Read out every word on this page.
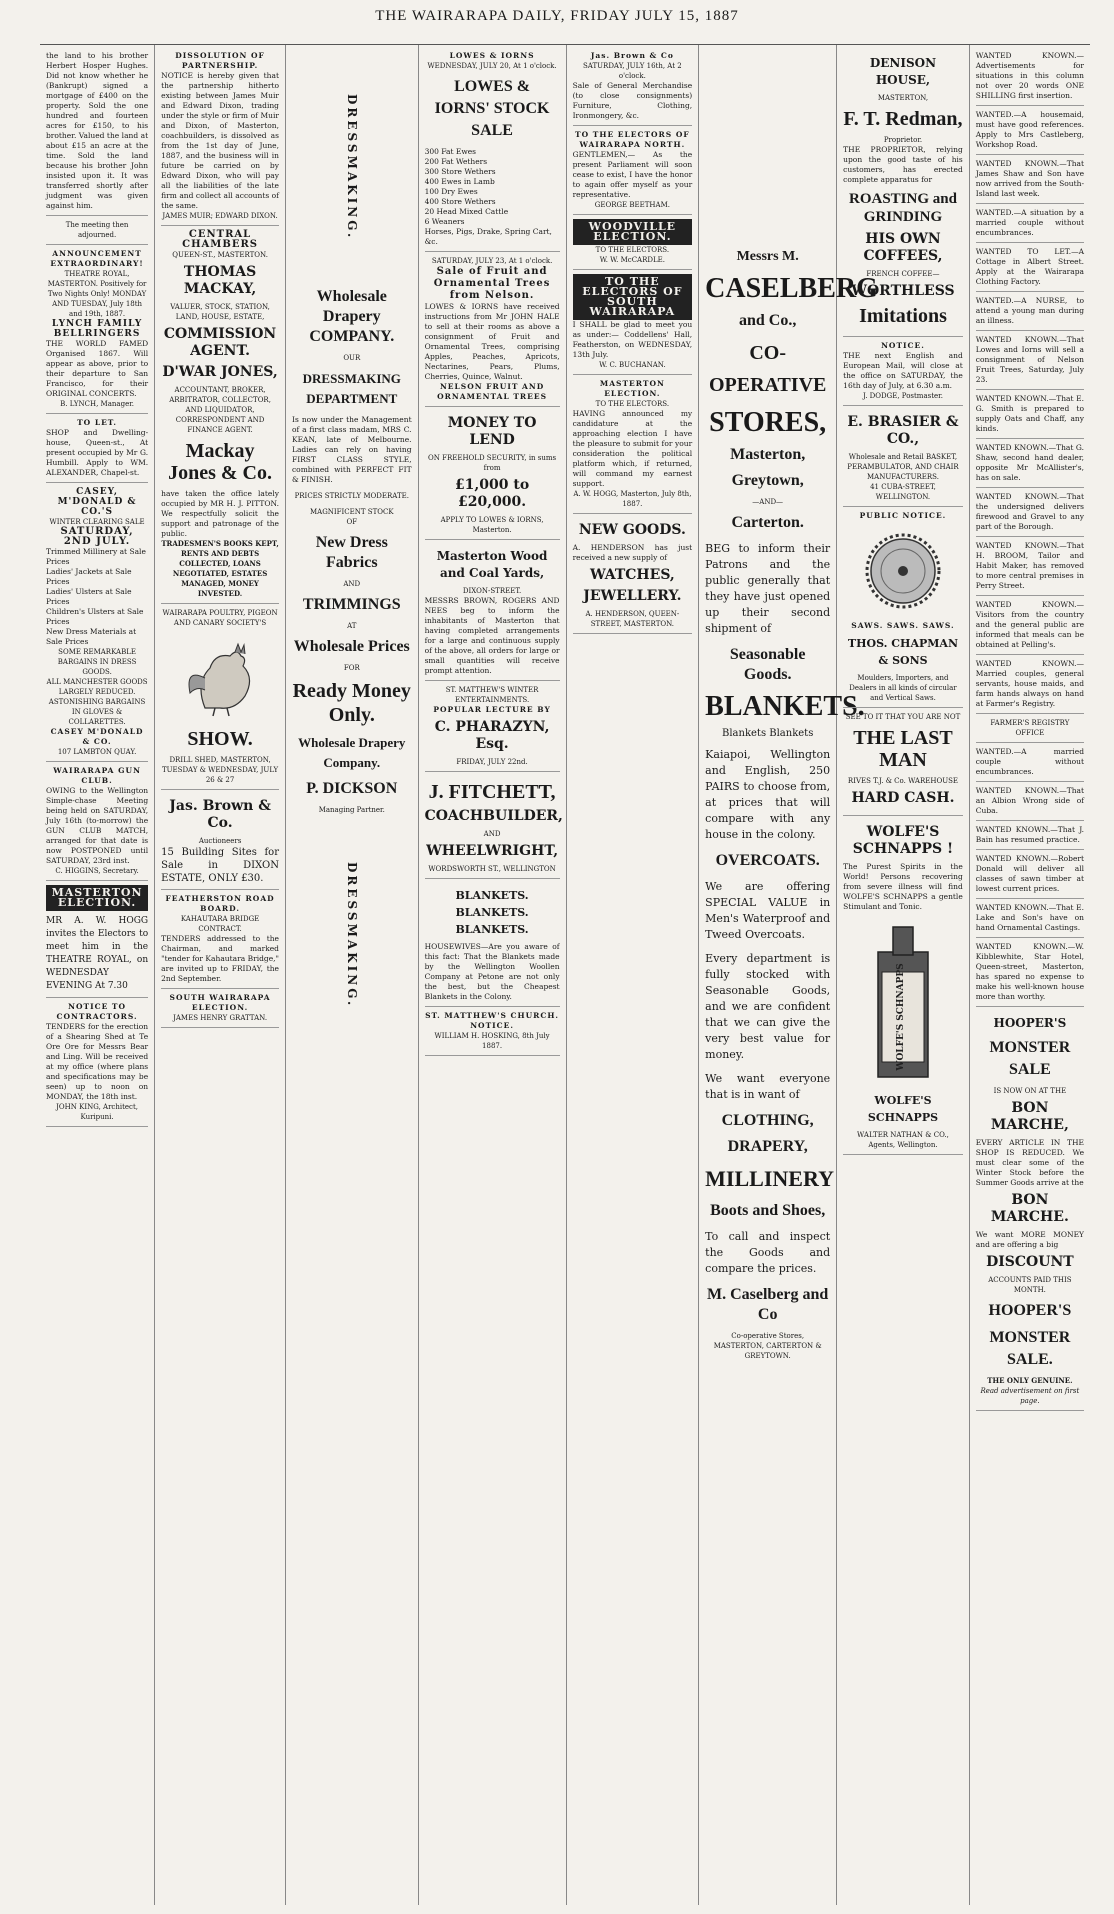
THE WAIRARAPA DAILY, FRIDAY JULY 15, 1887
the land to his brother Herbert Hosper Hughes. Did not know whether he (Bankrupt) signed a mortgage of £400 on the property. Sold the one hundred and fourteen acres for £150, to his brother. Valued the land at about £15 an acre at the time. Sold the land because his brother John insisted upon it. It was transferred shortly after judgment was given against him.
The meeting then adjourned.
ANNOUNCEMENT EXTRAORDINARY!
THEATRE ROYAL, MASTERTON. Positively for Two Nights Only! MONDAY AND TUESDAY, July 18th and 19th, 1887.
LYNCH FAMILY BELLRINGERS
THE WORLD FAMED Organised 1867. Will appear as above, prior to their departure to San Francisco, for their ORIGINAL CONCERTS.
B. LYNCH, Manager.
TO LET.
SHOP and Dwelling-house, Queen-st., At present occupied by Mr G. Humbill. Apply to WM. ALEXANDER, Chapel-st.
CASEY, M'DONALD & CO.'S
WINTER CLEARING SALE
SATURDAY, 2ND JULY.
Trimmed Millinery at Sale Prices
Ladies' Jackets at Sale Prices
Ladies' Ulsters at Sale Prices
Children's Ulsters at Sale Prices
New Dress Materials at Sale Prices
SOME REMARKABLE BARGAINS IN DRESS GOODS.
ALL MANCHESTER GOODS LARGELY REDUCED.
ASTONISHING BARGAINS IN GLOVES & COLLARETTES.
CASEY M'DONALD & CO.
107 LAMBTON QUAY.
WAIRARAPA GUN CLUB.
OWING to the Wellington Simple-chase Meeting being held on SATURDAY, July 16th (to-morrow) the GUN CLUB MATCH, arranged for that date is now POSTPONED until SATURDAY, 23rd inst.
C. HIGGINS, Secretary.
MASTERTON ELECTION.
MR A. W. HOGG invites the Electors to meet him in the THEATRE ROYAL, on WEDNESDAY EVENING At 7.30
NOTICE TO CONTRACTORS.
TENDERS for the erection of a Shearing Shed at Te Ore Ore for Messrs Bear and Ling. Will be received at my office (where plans and specifications may be seen) up to noon on MONDAY, the 18th inst.
JOHN KING, Architect, Kuripuni.
DISSOLUTION OF PARTNERSHIP.
NOTICE is hereby given that the partnership hitherto existing between James Muir and Edward Dixon, trading under the style or firm of Muir and Dixon, of Masterton, coachbuilders, is dissolved as from the 1st day of June, 1887, and the business will in future be carried on by Edward Dixon, who will pay all the liabilities of the late firm and collect all accounts of the same.
JAMES MUIR; EDWARD DIXON.
CENTRAL CHAMBERS
QUEEN-ST., MASTERTON.
THOMAS MACKAY,
VALUER, STOCK, STATION, LAND, HOUSE, ESTATE,
COMMISSION AGENT.
D'WAR JONES,
ACCOUNTANT, BROKER, ARBITRATOR, COLLECTOR, AND LIQUIDATOR, CORRESPONDENT AND FINANCE AGENT.
Mackay Jones & Co.
have taken the office lately occupied by MR H. J. PITTON. We respectfully solicit the support and patronage of the public.
TRADESMEN'S BOOKS KEPT, RENTS AND DEBTS COLLECTED, LOANS NEGOTIATED, ESTATES MANAGED, MONEY INVESTED.
WAIRARAPA POULTRY, PIGEON AND CANARY SOCIETY'S
SHOW.
DRILL SHED, MASTERTON, TUESDAY & WEDNESDAY, JULY 26 & 27
Jas. Brown & Co.
Auctioneers
15 Building Sites for Sale in DIXON ESTATE, ONLY £30.
FEATHERSTON ROAD BOARD.
KAHAUTARA BRIDGE CONTRACT.
TENDERS addressed to the Chairman, and marked "tender for Kahautara Bridge," are invited up to FRIDAY, the 2nd September.
SOUTH WAIRARAPA ELECTION.
JAMES HENRY GRATTAN.
DRESSMAKING.
Wholesale Drapery COMPANY.
OUR
DRESSMAKING DEPARTMENT
Is now under the Management of a first class madam, MRS C. KEAN, late of Melbourne. Ladies can rely on having FIRST CLASS STYLE, combined with PERFECT FIT & FINISH.
PRICES STRICTLY MODERATE.
MAGNIFICENT STOCK
OF
New Dress Fabrics
AND
TRIMMINGS
AT
Wholesale Prices
FOR
Ready Money Only.
Wholesale Drapery Company.
P. DICKSON
Managing Partner.
DRESSMAKING.
LOWES & IORNS
WEDNESDAY, JULY 20, At 1 o'clock.
LOWES & IORNS' STOCK SALE
300 Fat Ewes
200 Fat Wethers
300 Store Wethers
400 Ewes in Lamb
100 Dry Ewes
400 Store Wethers
20 Head Mixed Cattle
6 Weaners
Horses, Pigs, Drake, Spring Cart, &c.
SATURDAY, JULY 23, At 1 o'clock.
Sale of Fruit and Ornamental Trees from Nelson.
LOWES & IORNS have received instructions from Mr JOHN HALE to sell at their rooms as above a consignment of Fruit and Ornamental Trees, comprising Apples, Peaches, Apricots, Nectarines, Pears, Plums, Cherries, Quince, Walnut.
NELSON FRUIT AND ORNAMENTAL TREES
MONEY TO LEND
ON FREEHOLD SECURITY, in sums from
£1,000 to £20,000.
APPLY TO LOWES & IORNS, Masterton.
Masterton Wood and Coal Yards,
DIXON-STREET.
MESSRS BROWN, ROGERS AND NEES beg to inform the inhabitants of Masterton that having completed arrangements for a large and continuous supply of the above, all orders for large or small quantities will receive prompt attention.
ST. MATTHEW'S WINTER ENTERTAINMENTS.
POPULAR LECTURE BY
C. PHARAZYN, Esq.
FRIDAY, JULY 22nd.
J. FITCHETT,
COACHBUILDER,
AND
WHEELWRIGHT,
WORDSWORTH ST., WELLINGTON
BLANKETS. BLANKETS. BLANKETS.
HOUSEWIVES—Are you aware of this fact: That the Blankets made by the Wellington Woollen Company at Petone are not only the best, but the Cheapest Blankets in the Colony.
ST. MATTHEW'S CHURCH.
NOTICE.
WILLIAM H. HOSKING, 8th July 1887.
Jas. Brown & Co
SATURDAY, JULY 16th, At 2 o'clock.
Sale of General Merchandise (to close consignments) Furniture, Clothing, Ironmongery, &c.
TO THE ELECTORS OF WAIRARAPA NORTH.
GENTLEMEN,— As the present Parliament will soon cease to exist, I have the honor to again offer myself as your representative.
GEORGE BEETHAM.
WOODVILLE ELECTION.
TO THE ELECTORS.
W. W. McCARDLE.
TO THE ELECTORS OF SOUTH WAIRARAPA
I SHALL be glad to meet you as under:— Coddellens' Hall, Featherston, on WEDNESDAY, 13th July.
W. C. BUCHANAN.
MASTERTON ELECTION.
TO THE ELECTORS.
HAVING announced my candidature at the approaching election I have the pleasure to submit for your consideration the political platform which, if returned, will command my earnest support.
A. W. HOGG, Masterton, July 8th, 1887.
NEW GOODS.
A. HENDERSON has just received a new supply of
WATCHES,
JEWELLERY.
A. HENDERSON, QUEEN-STREET, MASTERTON.
Messrs M.
CASELBERG
and Co.,
CO-OPERATIVE
STORES,
Masterton,
Greytown,
—AND—
Carterton.
BEG to inform their Patrons and the public generally that they have just opened up their second shipment of
Seasonable Goods.
BLANKETS.
Blankets Blankets
Kaiapoi, Wellington and English, 250 PAIRS to choose from, at prices that will compare with any house in the colony.
OVERCOATS.
We are offering SPECIAL VALUE in Men's Waterproof and Tweed Overcoats.
Every department is fully stocked with Seasonable Goods, and we are confident that we can give the very best value for money.
We want everyone that is in want of
CLOTHING,
DRAPERY,
MILLINERY
Boots and Shoes,
To call and inspect the Goods and compare the prices.
M. Caselberg and Co
Co-operative Stores, MASTERTON, CARTERTON & GREYTOWN.
DENISON HOUSE,
MASTERTON,
F. T. Redman,
Proprietor.
THE PROPRIETOR, relying upon the good taste of his customers, has erected complete apparatus for
ROASTING and GRINDING
HIS OWN COFFEES,
FRENCH COFFEE—
WORTHLESS
Imitations
NOTICE.
THE next English and European Mail, will close at the office on SATURDAY, the 16th day of July, at 6.30 a.m.
J. DODGE, Postmaster.
E. BRASIER & CO.,
Wholesale and Retail BASKET, PERAMBULATOR, AND CHAIR MANUFACTURERS.
41 CUBA-STREET, WELLINGTON.
PUBLIC NOTICE.
SAWS. SAWS. SAWS.
THOS. CHAPMAN & SONS
Moulders, Importers, and Dealers in all kinds of circular and Vertical Saws.
SEE TO IT THAT YOU ARE NOT
THE LAST MAN
RIVES T.J. & Co. WAREHOUSE
HARD CASH.
WOLFE'S SCHNAPPS !
The Purest Spirits in the World! Persons recovering from severe illness will find WOLFE'S SCHNAPPS a gentle Stimulant and Tonic.
WOLFE'S SCHNAPPS
WOLFE'S SCHNAPPS
WALTER NATHAN & CO., Agents, Wellington.
WANTED KNOWN.—Advertisements for situations in this column not over 20 words ONE SHILLING first insertion.
WANTED.—A housemaid, must have good references. Apply to Mrs Castleberg, Workshop Road.
WANTED KNOWN.—That James Shaw and Son have now arrived from the South-Island last week.
WANTED.—A situation by a married couple without encumbrances.
WANTED TO LET.—A Cottage in Albert Street. Apply at the Wairarapa Clothing Factory.
WANTED.—A NURSE, to attend a young man during an illness.
WANTED KNOWN.—That Lowes and Iorns will sell a consignment of Nelson Fruit Trees, Saturday, July 23.
WANTED KNOWN.—That E. G. Smith is prepared to supply Oats and Chaff, any kinds.
WANTED KNOWN.—That G. Shaw, second hand dealer, opposite Mr McAllister's, has on sale.
WANTED KNOWN.—That the undersigned delivers firewood and Gravel to any part of the Borough.
WANTED KNOWN.—That H. BROOM, Tailor and Habit Maker, has removed to more central premises in Perry Street.
WANTED KNOWN.—Visitors from the country and the general public are informed that meals can be obtained at Pelling's.
WANTED KNOWN.—Married couples, general servants, house maids, and farm hands always on hand at Farmer's Registry.
FARMER'S REGISTRY OFFICE
WANTED.—A married couple without encumbrances.
WANTED KNOWN.—That an Albion Wrong side of Cuba.
WANTED KNOWN.—That J. Bain has resumed practice.
WANTED KNOWN.—Robert Donald will deliver all classes of sawn timber at lowest current prices.
WANTED KNOWN.—That E. Lake and Son's have on hand Ornamental Castings.
WANTED KNOWN.—W. Kibblewhite, Star Hotel, Queen-street, Masterton, has spared no expense to make his well-known house more than worthy.
HOOPER'S
MONSTER SALE
IS NOW ON AT THE
BON MARCHE,
EVERY ARTICLE IN THE SHOP IS REDUCED. We must clear some of the Winter Stock before the Summer Goods arrive at the
BON MARCHE.
We want MORE MONEY and are offering a big
DISCOUNT
ACCOUNTS PAID THIS MONTH.
HOOPER'S
MONSTER SALE.
THE ONLY GENUINE.
Read advertisement on first page.
